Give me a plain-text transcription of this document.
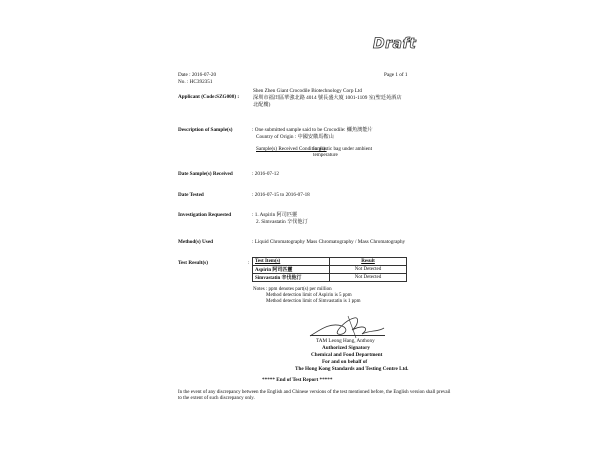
Draft
Date : 2016-07-20
No. : HC392351
Page 1 of 1
Applicant (Code:SZG008) :
Shen Zhen Giant Crocodile Biotechnology Corp Ltd
深圳市福田區華強北路 4014 號長盛大廈 1001-1109 室(聖廷苑酒店
北配樓)
Description of Sample(s)	: One submitted sample said to be Crocodile: 鱷魚澳能片
Country of Origin : 中國安徽馬鞍山
Sample(s) Received Condition(s):
In plastic bag under ambient
temperature
Date Sample(s) Received	: 2016-07-12
Date Tested	: 2016-07-15 to 2016-07-18
Investigation Requested	: 1. Aspirin 阿司匹靈
2. Simvastatin 辛伐他汀
Method(s) Used	: Liquid Chromatography Mass Chromatography / Mass Chromatography
Test Result(s)	: Test Item(s)	Result
Aspirin 阿司匹靈	Not Detected
Simvastatin 辛伐他汀	Not Detected
Notes : ppm denotes part(s) per million
Method detection limit of Aspirin is 5 ppm
Method detection limit of Simvastatin is 1 ppm
TAM Leong Hang, Anthony
Authorized Signatory
Chemical and Food Department
For and on behalf of
The Hong Kong Standards and Testing Centre Ltd.
***** End of Test Report *****
In the event of any discrepancy between the English and Chinese versions of the test mentioned before, the English version shall prevail
to the extent of such discrepancy only.
